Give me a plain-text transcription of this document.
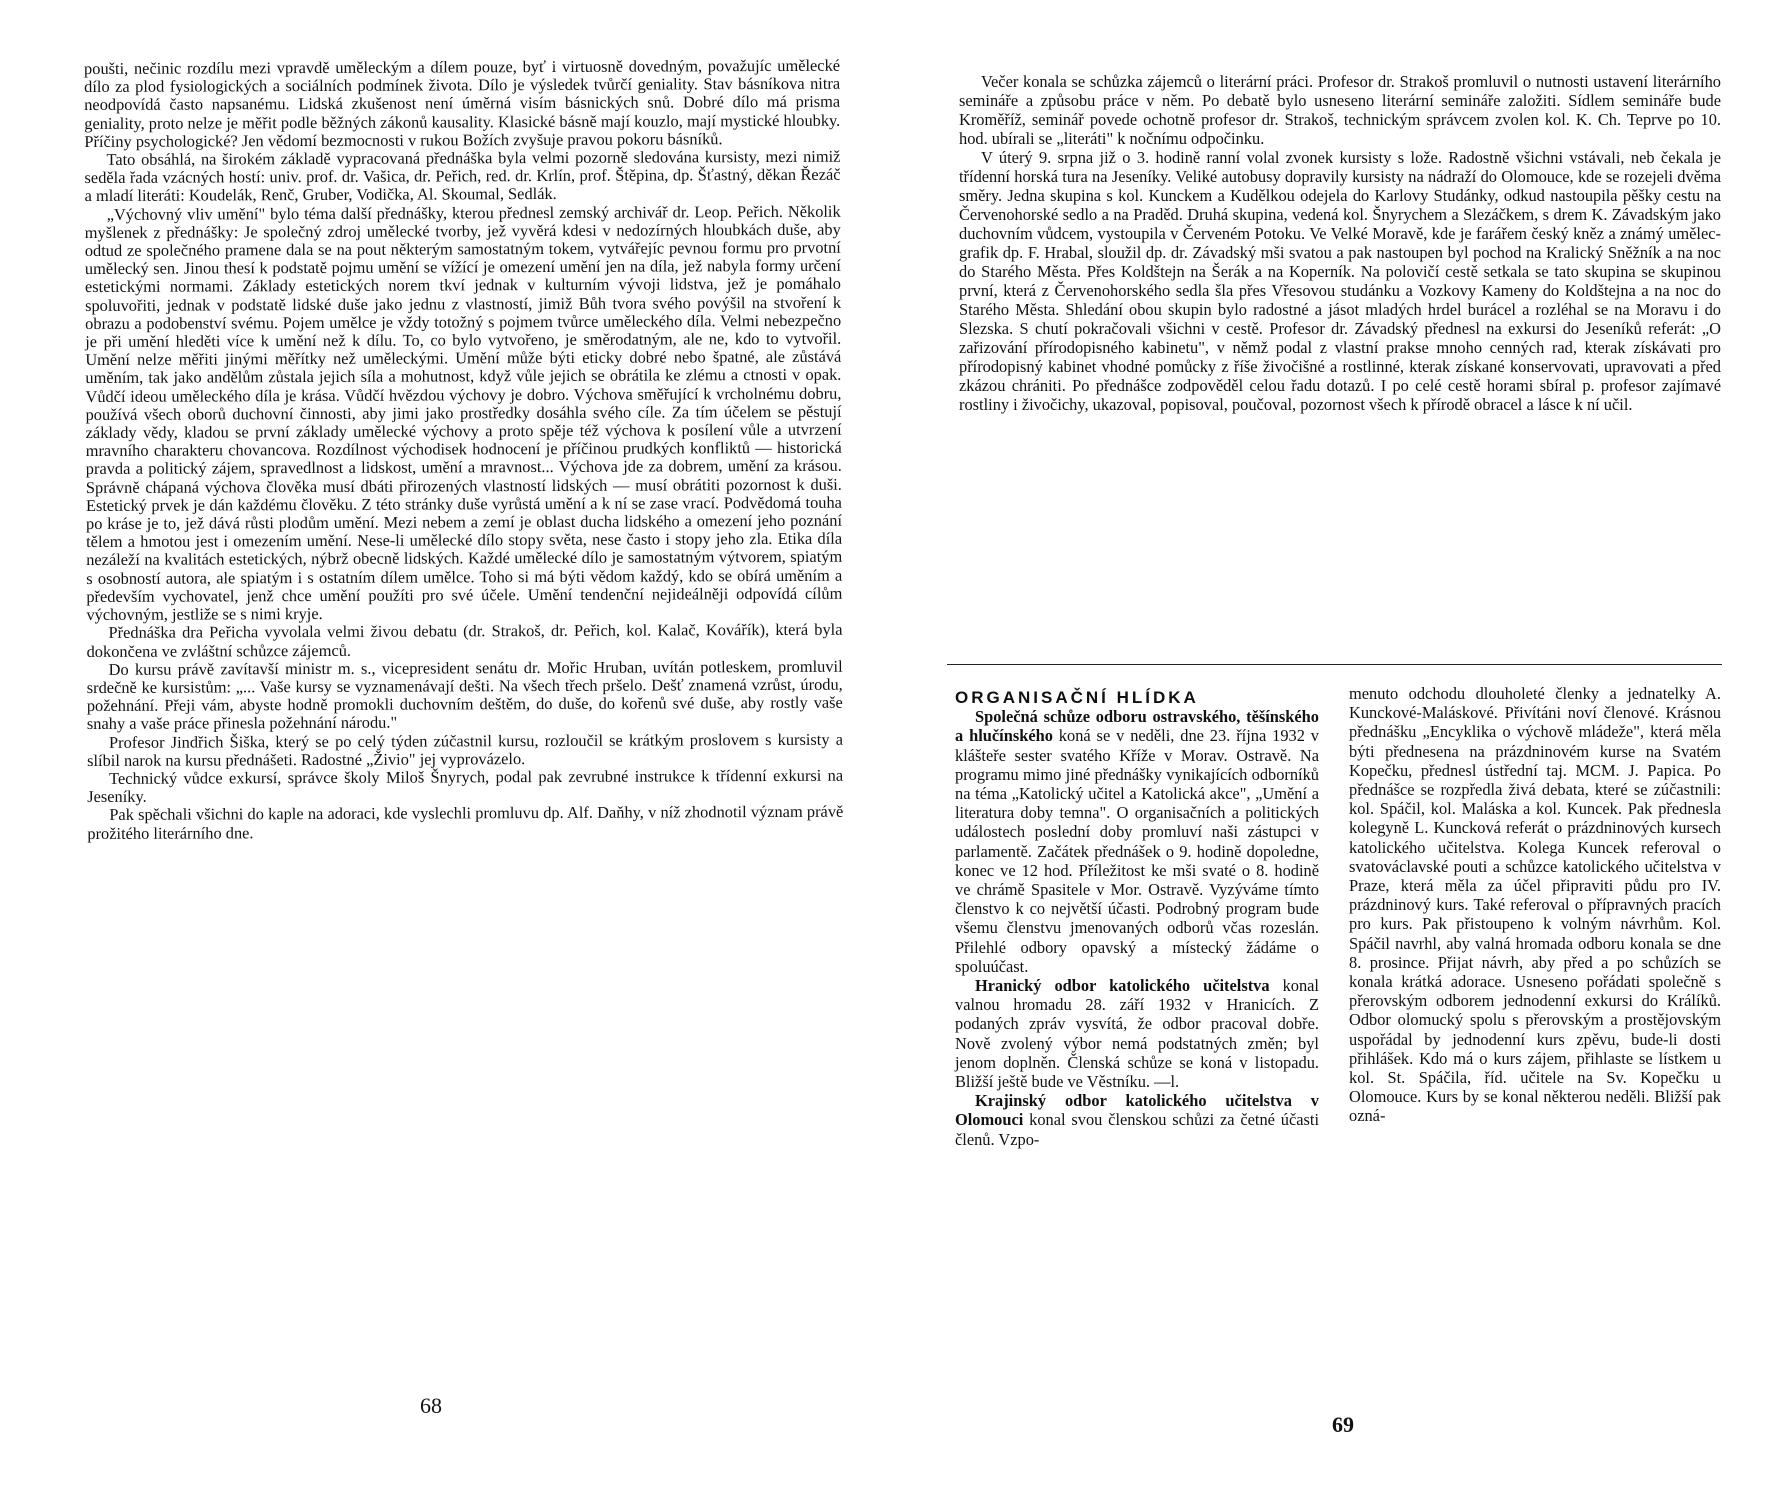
poušti, nečinic rozdílu mezi vpravdě uměleckým a dílem pouze, byť i virtuosně dovedným, považujíc umělecké dílo za plod fysiologických a sociálních podmínek života. Dílo je výsledek tvůrčí geniality. Stav básníkova nitra neodpovídá často napsanému. Lidská zkušenost není úměrná visím básnických snů. Dobré dílo má prisma geniality, proto nelze je měřit podle běžných zákonů kausality. Klasické básně mají kouzlo, mají mystické hloubky. Příčiny psychologické? Jen vědomí bezmocnosti v rukou Božích zvyšuje pravou pokoru básníků.

Tato obsáhlá, na širokém základě vypracovaná přednáška byla velmi pozorně sledována kursisty, mezi nimiž seděla řada vzácných hostí: univ. prof. dr. Vašica, dr. Peřich, red. dr. Krlín, prof. Štěpina, dp. Šťastný, děkan Řezáč a mladí literáti: Koudelák, Renč, Gruber, Vodička, Al. Skoumal, Sedlák.

„Výchovný vliv umění" bylo téma další přednášky, kterou přednesl zemský archivář dr. Leop. Peřich. Několik myšlenek z přednášky: Je společný zdroj umělecké tvorby, jež vyvěrá kdesi v nedozírných hloubkách duše, aby odtud ze společného pramene dala se na pout některým samostatným tokem, vytvářejíc pevnou formu pro prvotní umělecký sen. Jinou thesí k podstatě pojmu umění se vížící je omezení umění jen na díla, jež nabyla formy určení estetickými normami. Základy estetických norem tkví jednak v kulturním vývoji lidstva, jež je pomáhalo spoluvořiti, jednak v podstatě lidské duše jako jednu z vlastností, jimiž Bůh tvora svého povýšil na stvoření k obrazu a podobenství svému. Pojem umělce je vždy totožný s pojmem tvůrce uměleckého díla. Velmi nebezpečno je při umění hleděti více k umění než k dílu. To, co bylo vytvořeno, je směrodatným, ale ne, kdo to vytvořil. Umění nelze měřiti jinými měřítky než uměleckými. Umění může býti eticky dobré nebo špatné, ale zůstává uměním, tak jako andělům zůstala jejich síla a mohutnost, když vůle jejich se obrátila ke zlému a ctnosti v opak. Vůdčí ideou uměleckého díla je krása. Vůdčí hvězdou výchovy je dobro. Výchova směřující k vrcholnému dobru, používá všech oborů duchovní činnosti, aby jimi jako prostředky dosáhla svého cíle. Za tím účelem se pěstují základy vědy, kladou se první základy umělecké výchovy a proto spěje též výchova k posílení vůle a utvrzení mravního charakteru chovancova. Rozdílnost východisek hodnocení je příčinou prudkých konfliktů — historická pravda a politický zájem, spravedlnost a lidskost, umění a mravnost... Výchova jde za dobrem, umění za krásou. Správně chápaná výchova člověka musí dbáti přirozených vlastností lidských — musí obrátiti pozornost k duši. Estetický prvek je dán každému člověku. Z této stránky duše vyrůstá umění a k ní se zase vrací. Podvědomá touha po kráse je to, jež dává růsti plodům umění. Mezi nebem a zemí je oblast ducha lidského a omezení jeho poznání tělem a hmotou jest i omezením umění. Nese-li umělecké dílo stopy světa, nese často i stopy jeho zla. Etika díla nezáleží na kvalitách estetických, nýbrž obecně lidských. Každé umělecké dílo je samostatným výtvorem, spiatým s osobností autora, ale spiatým i s ostatním dílem umělce. Toho si má býti vědom každý, kdo se obírá uměním a především vychovatel, jenž chce umění použíti pro své účele. Umění tendenční nejideálněji odpovídá cílům výchovným, jestliže se s nimi kryje.

Přednáška dra Peřicha vyvolala velmi živou debatu (dr. Strakoš, dr. Peřich, kol. Kalač, Kovářík), která byla dokončena ve zvláštní schůzce zájemců.

Do kursu právě zavítavší ministr m. s., vicepresident senátu dr. Mořic Hruban, uvítán potleskem, promluvil srdečně ke kursistům: „... Vaše kursy se vyznamenávají dešti. Na všech třech pršelo. Dešť znamená vzrůst, úrodu, požehnání. Přeji vám, abyste hodně promokli duchovním deštěm, do duše, do kořenů své duše, aby rostly vaše snahy a vaše práce přinesla požehnání národu."

Profesor Jindřich Šiška, který se po celý týden zúčastnil kursu, rozloučil se krátkým proslovem s kursisty a slíbil narok na kursu přednášeti. Radostné „Živio" jej vyprovázelo.

Technický vůdce exkursí, správce školy Miloš Šnyrych, podal pak zevrubné instrukce k třídenní exkursi na Jeseníky.

Pak spěchali všichni do kaple na adoraci, kde vyslechli promluvu dp. Alf. Daňhy, v níž zhodnotil význam právě prožitého literárního dne.

68

Večer konala se schůzka zájemců o literární práci. Profesor dr. Strakoš promluvil o nutnosti ustavení literárního semináře a způsobu práce v něm. Po debatě bylo usneseno literární semináře založiti. Sídlem semináře bude Kroměříž, seminář povede ochotně profesor dr. Strakoš, technickým správcem zvolen kol. K. Ch. Teprve po 10. hod. ubírali se „literáti" k nočnímu odpočinku.

V úterý 9. srpna již o 3. hodině ranní volal zvonek kursisty s lože. Radostně všichni vstávali, neb čekala je třídenní horská tura na Jeseníky. Veliké autobusy dopravily kursisty na nádraží do Olomouce, kde se rozejeli dvěma směry. Jedna skupina s kol. Kunckem a Kudělkou odejela do Karlovy Studánky, odkud nastoupila pěšky cestu na Červenohorské sedlo a na Praděd. Druhá skupina, vedená kol. Šnyrychem a Slezáčkem, s drem K. Závadským jako duchovním vůdcem, vystoupila v Červeném Potoku. Ve Velké Moravě, kde je farářem český kněz a známý umělec-grafik dp. F. Hrabal, sloužil dp. dr. Závadský mši svatou a pak nastoupen byl pochod na Kralický Sněžník a na noc do Starého Města. Přes Koldštejn na Šerák a na Koperník. Na polovičí cestě setkala se tato skupina se skupinou první, která z Červenohorského sedla šla přes Vřesovou studánku a Vozkovy Kameny do Koldštejna a na noc do Starého Města. Shledání obou skupin bylo radostné a jásot mladých hrdel burácel a rozléhal se na Moravu i do Slezska. S chutí pokračovali všichni v cestě. Profesor dr. Závadský přednesl na exkursi do Jeseníků referát: „O zařizování přírodopisného kabinetu", v němž podal z vlastní prakse mnoho cenných rad, kterak získávati pro přírodopisný kabinet vhodné pomůcky z říše živočišné a rostlinné, kterak získané konservovati, upravovati a před zkázou chrániti. Po přednášce zodpověděl celou řadu dotazů. I po celé cestě horami sbíral p. profesor zajímavé rostliny i živočichy, ukazoval, popisoval, poučoval, pozornost všech k přírodě obracel a lásce k ní učil.

ORGANISAČNÍ HLÍDKA

Společná schůze odboru ostravského, těšínského a hlučínského koná se v neděli, dne 23. října 1932 v klášteře sester svatého Kříže v Morav. Ostravě. Na programu mimo jiné přednášky vynikajících odborníků na téma „Katolický učitel a Katolická akce", „Umění a literatura doby temna". O organisačních a politických událostech poslední doby promluví naši zástupci v parlamentě. Začátek přednášek o 9. hodině dopoledne, konec ve 12 hod. Příležitost ke mši svaté o 8. hodině ve chrámě Spasitele v Mor. Ostravě. Vyzýváme tímto členstvo k co největší účasti. Podrobný program bude všemu členstvu jmenovaných odborů včas rozeslán. Přilehlé odbory opavský a místecký žádáme o spoluúčast.

Hranický odbor katolického učitelstva konal valnou hromadu 28. září 1932 v Hranicích. Z podaných zpráv vysvítá, že odbor pracoval dobře. Nově zvolený výbor nemá podstatných změn; byl jenom doplněn. Členská schůze se koná v listopadu. Bližší ještě bude ve Věstníku. —l.

Krajinský odbor katolického učitelstva v Olomouci konal svou členskou schůzi za četné účasti členů. Vzpo-

menuto odchodu dlouholeté členky a jednatelky A. Kunckové-Maláskové. Přivítáni noví členové. Krásnou přednášku „Encyklika o výchově mládeže", která měla býti přednesena na prázdninovém kurse na Svatém Kopečku, přednesl ústřední taj. MCM. J. Papica. Po přednášce se rozpředla živá debata, které se zúčastnili: kol. Spáčil, kol. Maláska a kol. Kuncek. Pak přednesla kolegyně L. Kuncková referát o prázdninových kursech katolického učitelstva. Kolega Kuncek referoval o svatováclavské pouti a schůzce katolického učitelstva v Praze, která měla za účel připraviti půdu pro IV. prázdninový kurs. Také referoval o přípravných pracích pro kurs. Pak přistoupeno k volným návrhům. Kol. Spáčil navrhl, aby valná hromada odboru konala se dne 8. prosince. Přijat návrh, aby před a po schůzích se konala krátká adorace. Usneseno pořádati společně s přerovským odborem jednodenní exkursi do Králíků. Odbor olomucký spolu s přerovským a prostějovským uspořádal by jednodenní kurs zpěvu, bude-li dosti přihlášek. Kdo má o kurs zájem, přihlaste se lístkem u kol. St. Spáčila, říd. učitele na Sv. Kopečku u Olomouce. Kurs by se konal některou neděli. Bližší pak ozná-

69
